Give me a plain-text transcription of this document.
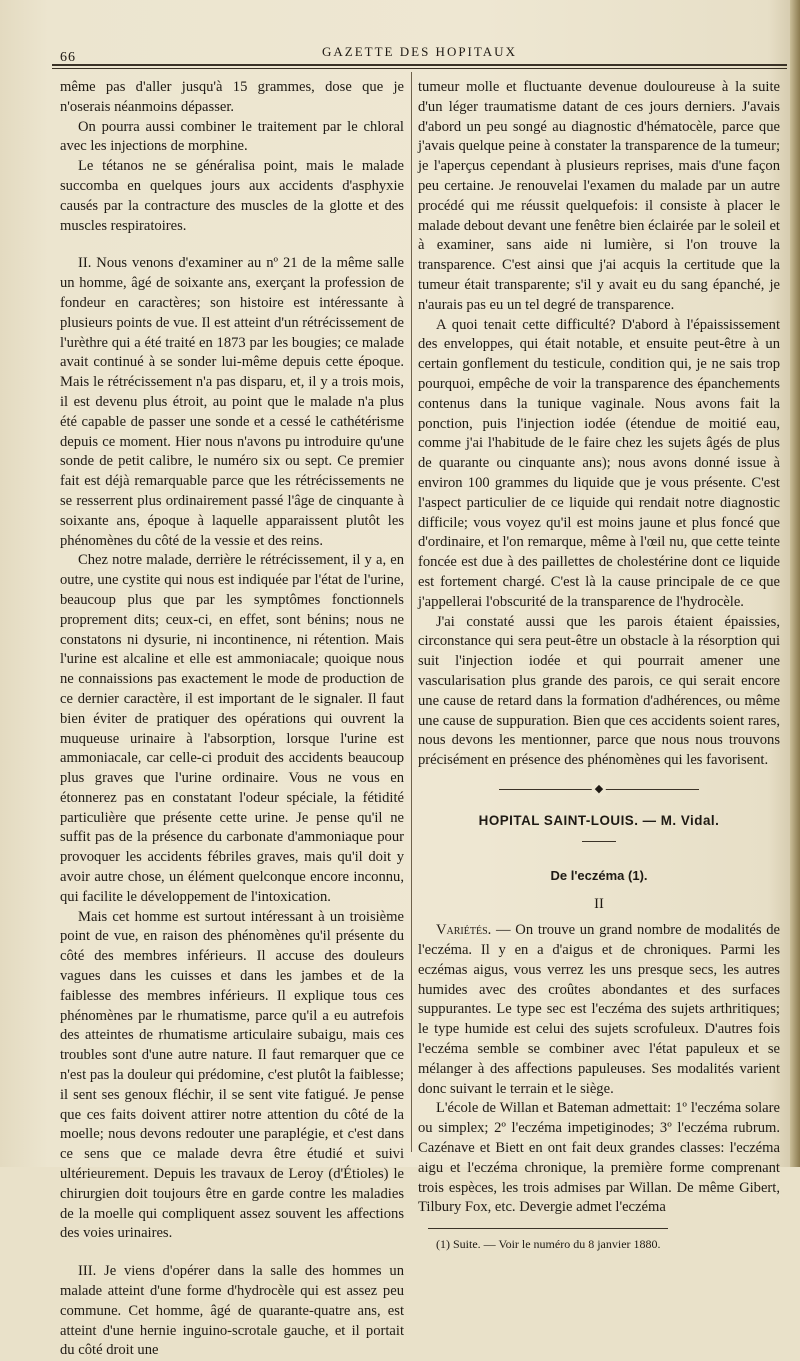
66	GAZETTE DES HOPITAUX

même pas d'aller jusqu'à 15 grammes, dose que je n'oserais néanmoins dépasser.

On pourra aussi combiner le traitement par le chloral avec les injections de morphine.

Le tétanos ne se généralisa point, mais le malade succomba en quelques jours aux accidents d'asphyxie causés par la contracture des muscles de la glotte et des muscles respiratoires.

II. Nous venons d'examiner au nº 21 de la même salle un homme, âgé de soixante ans, exerçant la profession de fondeur en caractères; son histoire est intéressante à plusieurs points de vue. Il est atteint d'un rétrécissement de l'urèthre qui a été traité en 1873 par les bougies; ce malade avait continué à se sonder lui-même depuis cette époque. Mais le rétrécissement n'a pas disparu, et, il y a trois mois, il est devenu plus étroit, au point que le malade n'a plus été capable de passer une sonde et a cessé le cathétérisme depuis ce moment. Hier nous n'avons pu introduire qu'une sonde de petit calibre, le numéro six ou sept. Ce premier fait est déjà remarquable parce que les rétrécissements ne se resserrent plus ordinairement passé l'âge de cinquante à soixante ans, époque à laquelle apparaissent plutôt les phénomènes du côté de la vessie et des reins.

Chez notre malade, derrière le rétrécissement, il y a, en outre, une cystite qui nous est indiquée par l'état de l'urine, beaucoup plus que par les symptômes fonctionnels proprement dits; ceux-ci, en effet, sont bénins; nous ne constatons ni dysurie, ni incontinence, ni rétention. Mais l'urine est alcaline et elle est ammoniacale; quoique nous ne connaissions pas exactement le mode de production de ce dernier caractère, il est important de le signaler. Il faut bien éviter de pratiquer des opérations qui ouvrent la muqueuse urinaire à l'absorption, lorsque l'urine est ammoniacale, car celle-ci produit des accidents beaucoup plus graves que l'urine ordinaire. Vous ne vous en étonnerez pas en constatant l'odeur spéciale, la fétidité particulière que présente cette urine. Je pense qu'il ne suffit pas de la présence du carbonate d'ammoniaque pour provoquer les accidents fébriles graves, mais qu'il doit y avoir autre chose, un élément quelconque encore inconnu, qui facilite le développement de l'intoxication.

Mais cet homme est surtout intéressant à un troisième point de vue, en raison des phénomènes qu'il présente du côté des membres inférieurs. Il accuse des douleurs vagues dans les cuisses et dans les jambes et de la faiblesse des membres inférieurs. Il explique tous ces phénomènes par le rhumatisme, parce qu'il a eu autrefois des atteintes de rhumatisme articulaire subaigu, mais ces troubles sont d'une autre nature. Il faut remarquer que ce n'est pas la douleur qui prédomine, c'est plutôt la faiblesse; il sent ses genoux fléchir, il se sent vite fatigué. Je pense que ces faits doivent attirer notre attention du côté de la moelle; nous devons redouter une paraplégie, et c'est dans ce sens que ce malade devra être étudié et suivi ultérieurement. Depuis les travaux de Leroy (d'Étioles) le chirurgien doit toujours être en garde contre les maladies de la moelle qui compliquent assez souvent les affections des voies urinaires.

III. Je viens d'opérer dans la salle des hommes un malade atteint d'une forme d'hydrocèle qui est assez peu commune. Cet homme, âgé de quarante-quatre ans, est atteint d'une hernie inguino-scrotale gauche, et il portait du côté droit une

tumeur molle et fluctuante devenue douloureuse à la suite d'un léger traumatisme datant de ces jours derniers. J'avais d'abord un peu songé au diagnostic d'hématocèle, parce que j'avais quelque peine à constater la transparence de la tumeur; je l'aperçus cependant à plusieurs reprises, mais d'une façon peu certaine. Je renouvelai l'examen du malade par un autre procédé qui me réussit quelquefois: il consiste à placer le malade debout devant une fenêtre bien éclairée par le soleil et à examiner, sans aide ni lumière, si l'on trouve la transparence. C'est ainsi que j'ai acquis la certitude que la tumeur était transparente; s'il y avait eu du sang épanché, je n'aurais pas eu un tel degré de transparence.

A quoi tenait cette difficulté? D'abord à l'épaississement des enveloppes, qui était notable, et ensuite peut-être à un certain gonflement du testicule, condition qui, je ne sais trop pourquoi, empêche de voir la transparence des épanchements contenus dans la tunique vaginale. Nous avons fait la ponction, puis l'injection iodée (étendue de moitié eau, comme j'ai l'habitude de le faire chez les sujets âgés de plus de quarante ou cinquante ans); nous avons donné issue à environ 100 grammes du liquide que je vous présente. C'est l'aspect particulier de ce liquide qui rendait notre diagnostic difficile; vous voyez qu'il est moins jaune et plus foncé que d'ordinaire, et l'on remarque, même à l'œil nu, que cette teinte foncée est due à des paillettes de cholestérine dont ce liquide est fortement chargé. C'est là la cause principale de ce que j'appellerai l'obscurité de la transparence de l'hydrocèle.

J'ai constaté aussi que les parois étaient épaissies, circonstance qui sera peut-être un obstacle à la résorption qui suit l'injection iodée et qui pourrait amener une vascularisation plus grande des parois, ce qui serait encore une cause de retard dans la formation d'adhérences, ou même une cause de suppuration. Bien que ces accidents soient rares, nous devons les mentionner, parce que nous nous trouvons précisément en présence des phénomènes qui les favorisent.

◆
HOPITAL SAINT-LOUIS. — M. Vidal.
De l'eczéma (1).
II

Variétés. — On trouve un grand nombre de modalités de l'eczéma. Il y en a d'aigus et de chroniques. Parmi les eczémas aigus, vous verrez les uns presque secs, les autres humides avec des croûtes abondantes et des surfaces suppurantes. Le type sec est l'eczéma des sujets arthritiques; le type humide est celui des sujets scrofuleux. D'autres fois l'eczéma semble se combiner avec l'état papuleux et se mélanger à des affections papuleuses. Ses modalités varient donc suivant le terrain et le siège.

L'école de Willan et Bateman admettait: 1º l'eczéma solare ou simplex; 2º l'eczéma impetiginodes; 3º l'eczéma rubrum. Cazénave et Biett en ont fait deux grandes classes: l'eczéma aigu et l'eczéma chronique, la première forme comprenant trois espèces, les trois admises par Willan. De même Gibert, Tilbury Fox, etc. Devergie admet l'eczéma

(1) Suite. — Voir le numéro du 8 janvier 1880.
